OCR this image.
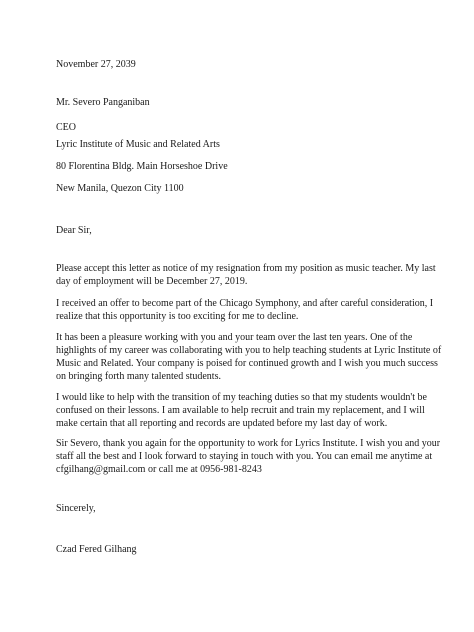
November 27, 2039
Mr. Severo Panganiban
CEO
Lyric Institute of Music and Related Arts
80 Florentina Bldg. Main Horseshoe Drive
New Manila, Quezon City 1100
Dear Sir,
Please accept this letter as notice of my resignation from my position as music teacher. My last
day of employment will be December 27, 2019.
I received an offer to become part of the Chicago Symphony, and after careful consideration, I
realize that this opportunity is too exciting for me to decline.
It has been a pleasure working with you and your team over the last ten years. One of the
highlights of my career was collaborating with you to help teaching students at Lyric Institute of
Music and Related. Your company is poised for continued growth and I wish you much success
on bringing forth many talented students.
I would like to help with the transition of my teaching duties so that my students wouldn't be
confused on their lessons. I am available to help recruit and train my replacement, and I will
make certain that all reporting and records are updated before my last day of work.
Sir Severo, thank you again for the opportunity to work for Lyrics Institute. I wish you and your
staff all the best and I look forward to staying in touch with you. You can email me anytime at
cfgilhang@gmail.com or call me at 0956-981-8243
Sincerely,
Czad Fered Gilhang
